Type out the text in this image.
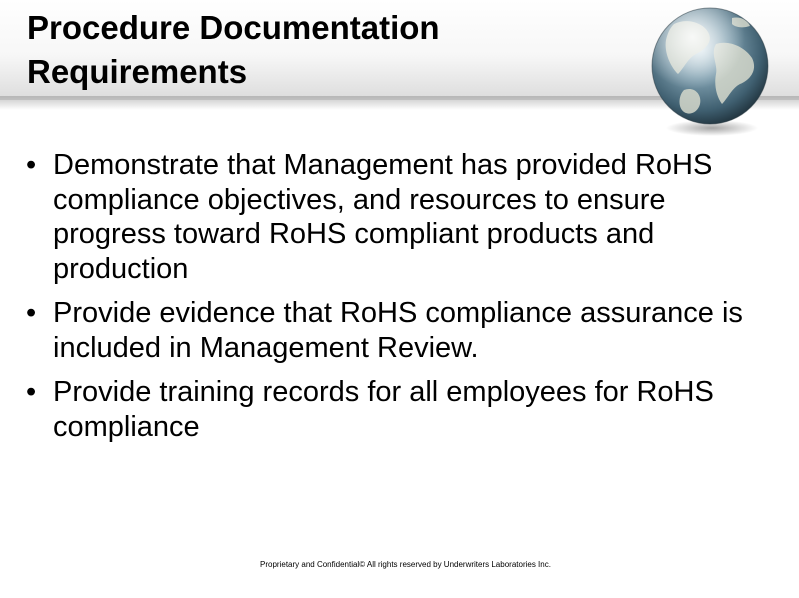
Procedure Documentation
Requirements
• Demonstrate that Management has provided RoHS compliance objectives, and resources to ensure progress toward RoHS compliant products and production
• Provide evidence that RoHS compliance assurance is included in Management Review.
• Provide training records for all employees for RoHS compliance
Proprietary and Confidential© All rights reserved by Underwriters Laboratories Inc.
